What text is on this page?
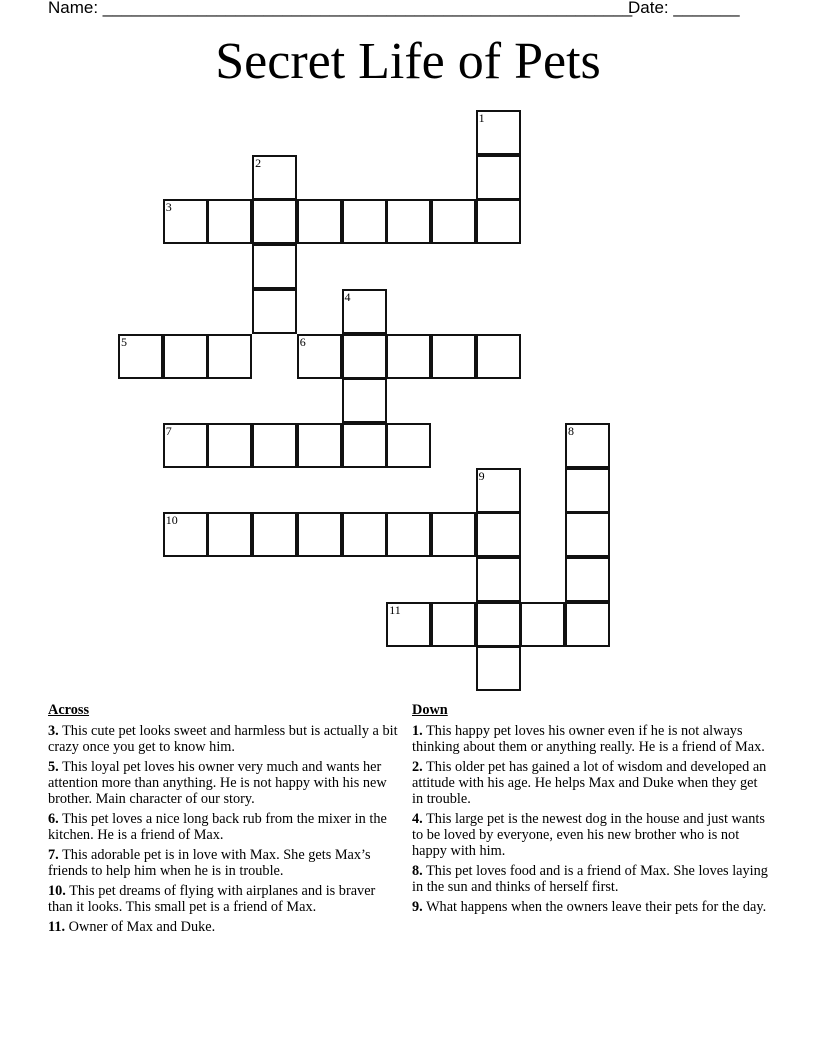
Name: ________________________________________________________
Date: _______
Secret Life of Pets
1
2
3
4
5	6
7	8
9
10
11
Across
3. This cute pet looks sweet and harmless but is actually a bit crazy once you get to know him.
5. This loyal pet loves his owner very much and wants her attention more than anything. He is not happy with his new brother. Main character of our story.
6. This pet loves a nice long back rub from the mixer in the kitchen. He is a friend of Max.
7. This adorable pet is in love with Max. She gets Max’s friends to help him when he is in trouble.
10. This pet dreams of flying with airplanes and is braver than it looks. This small pet is a friend of Max.
11. Owner of Max and Duke.
Down
1. This happy pet loves his owner even if he is not always thinking about them or anything really. He is a friend of Max.
2. This older pet has gained a lot of wisdom and developed an attitude with his age. He helps Max and Duke when they get in trouble.
4. This large pet is the newest dog in the house and just wants to be loved by everyone, even his new brother who is not happy with him.
8. This pet loves food and is a friend of Max. She loves laying in the sun and thinks of herself first.
9. What happens when the owners leave their pets for the day.
